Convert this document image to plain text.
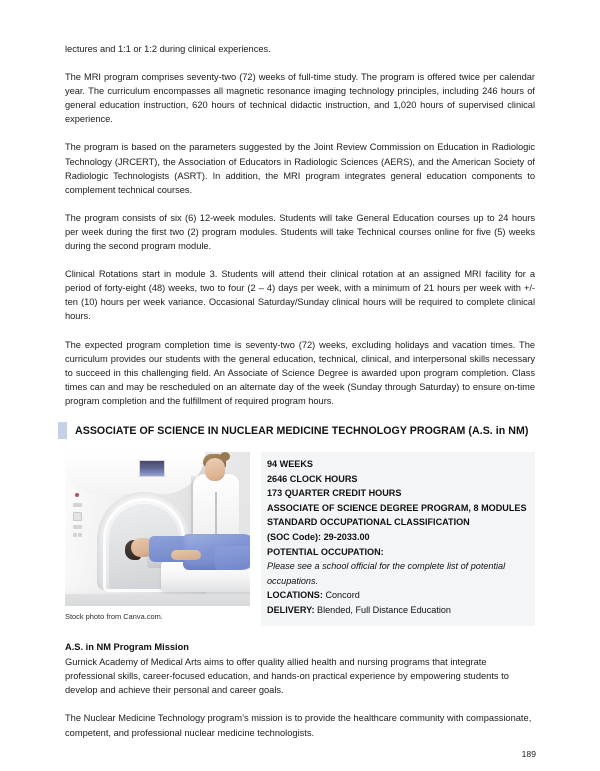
lectures and 1:1 or 1:2 during clinical experiences.

The MRI program comprises seventy-two (72) weeks of full-time study. The program is offered twice per calendar year. The curriculum encompasses all magnetic resonance imaging technology principles, including 246 hours of general education instruction, 620 hours of technical didactic instruction, and 1,020 hours of supervised clinical experience.

The program is based on the parameters suggested by the Joint Review Commission on Education in Radiologic Technology (JRCERT), the Association of Educators in Radiologic Sciences (AERS), and the American Society of Radiologic Technologists (ASRT). In addition, the MRI program integrates general education components to complement technical courses.

The program consists of six (6) 12-week modules. Students will take General Education courses up to 24 hours per week during the first two (2) program modules. Students will take Technical courses online for five (5) weeks during the second program module.

Clinical Rotations start in module 3. Students will attend their clinical rotation at an assigned MRI facility for a period of forty-eight (48) weeks, two to four (2 – 4) days per week, with a minimum of 21 hours per week with +/- ten (10) hours per week variance. Occasional Saturday/Sunday clinical hours will be required to complete clinical hours.

The expected program completion time is seventy-two (72) weeks, excluding holidays and vacation times. The curriculum provides our students with the general education, technical, clinical, and interpersonal skills necessary to succeed in this challenging field. An Associate of Science Degree is awarded upon program completion. Class times can and may be rescheduled on an alternate day of the week (Sunday through Saturday) to ensure on-time program completion and the fulfillment of required program hours.

ASSOCIATE OF SCIENCE IN NUCLEAR MEDICINE TECHNOLOGY PROGRAM (A.S. in NM)
Stock photo from Canva.com.
94 WEEKS
2646 CLOCK HOURS
173 QUARTER CREDIT HOURS
ASSOCIATE OF SCIENCE DEGREE PROGRAM, 8 MODULES
STANDARD OCCUPATIONAL CLASSIFICATION
(SOC Code): 29-2033.00
POTENTIAL OCCUPATION:
Please see a school official for the complete list of potential occupations.
LOCATIONS: Concord
DELIVERY: Blended, Full Distance Education
A.S. in NM Program Mission

Gurnick Academy of Medical Arts aims to offer quality allied health and nursing programs that integrate professional skills, career-focused education, and hands-on practical experience by empowering students to develop and achieve their personal and career goals.

The Nuclear Medicine Technology program’s mission is to provide the healthcare community with compassionate, competent, and professional nuclear medicine technologists.

189
